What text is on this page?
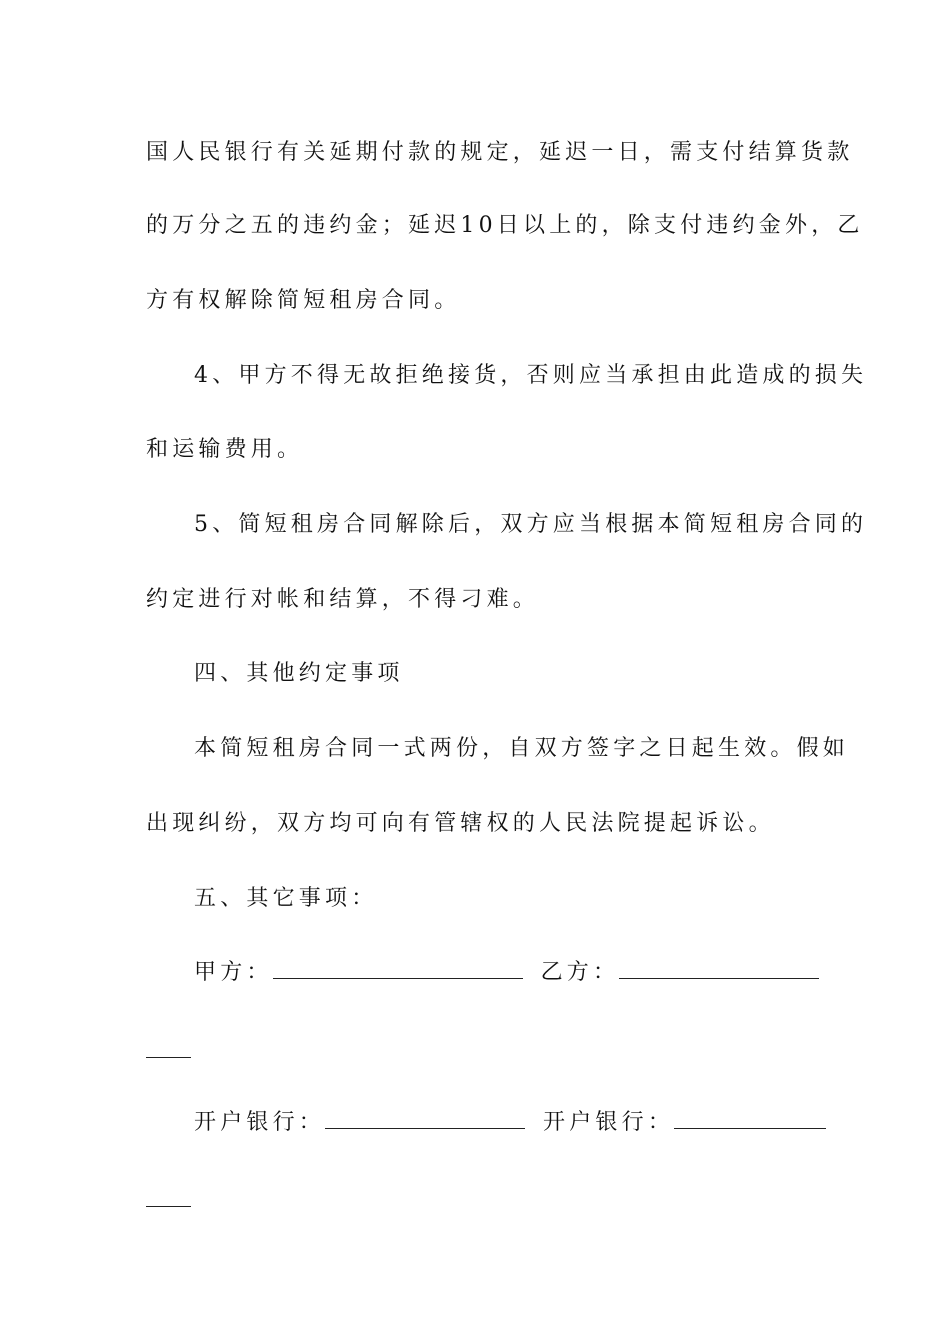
国人民银行有关延期付款的规定，延迟一日，需支付结算货款
的万分之五的违约金；延迟10日以上的，除支付违约金外，乙
方有权解除简短租房合同。
4、甲方不得无故拒绝接货，否则应当承担由此造成的损失
和运输费用。
5、简短租房合同解除后，双方应当根据本简短租房合同的
约定进行对帐和结算，不得刁难。
四、其他约定事项
本简短租房合同一式两份，自双方签字之日起生效。假如
出现纠纷，双方均可向有管辖权的人民法院提起诉讼。
五、其它事项：
甲方：	乙方：
开户银行：	开户银行：
